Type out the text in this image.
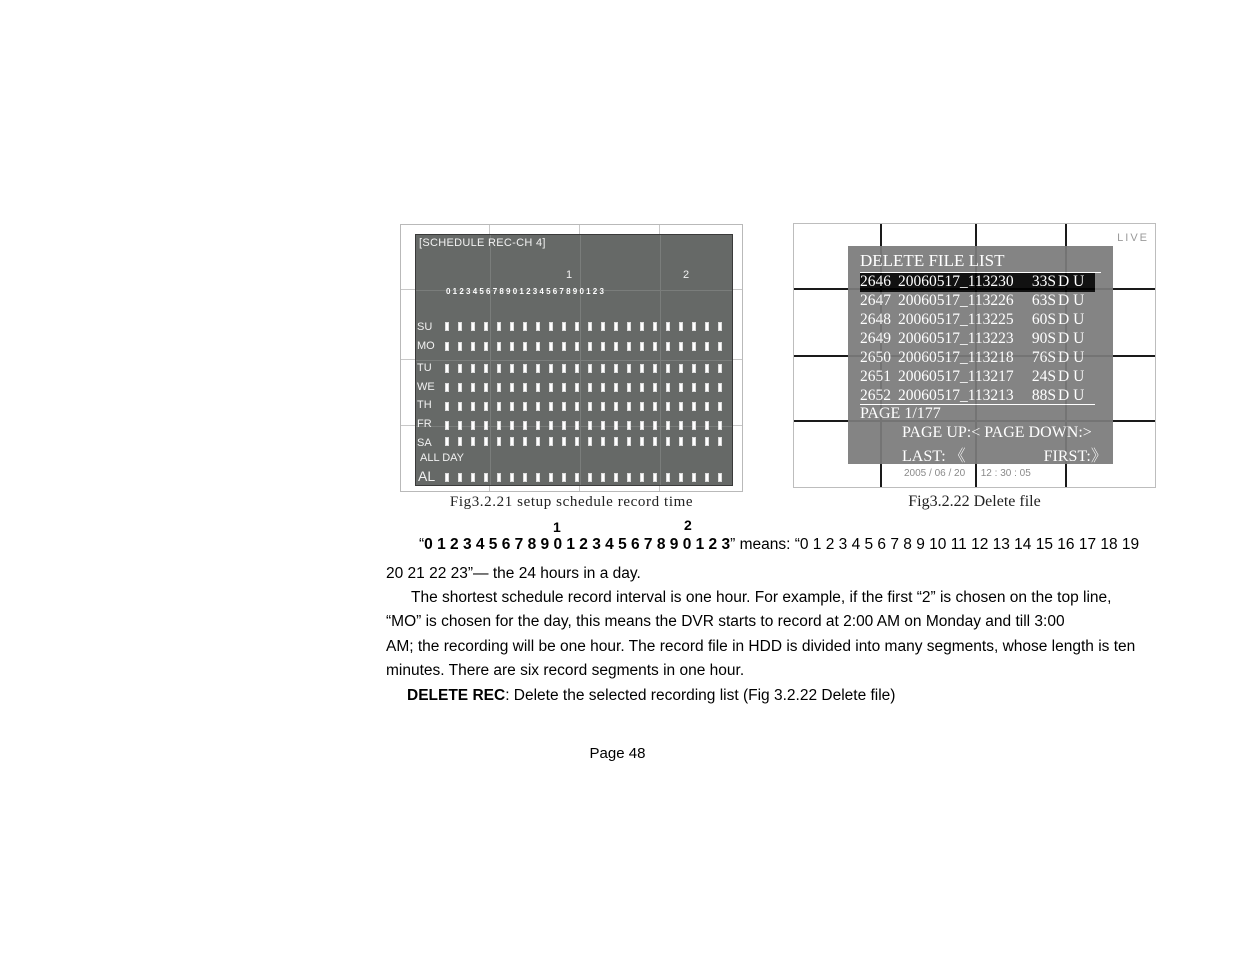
[SCHEDULE REC-CH 4]
1	2
0 1 2 3 4 5 6 7 8 9 0 1 2 3 4 5 6 7 8 9 0 1 2 3
SU
MO
TU
WE
TH
FR
SA
ALL DAY
AL
Fig3.2.21 setup schedule record time
LIVE
DELETE FILE LIST
2646 20060517_113230	33S D U
2647 20060517_113226	63S D U
2648 20060517_113225	60S D U
2649 20060517_113223	90S D U
2650 20060517_113218	76S D U
2651 20060517_113217	24S D U
2652 20060517_113213	88S D U
PAGE 1/177
PAGE UP:< PAGE DOWN:>
LAST: 《	FIRST:》
2005 / 06 / 20 12 : 30 : 05
Fig3.2.22 Delete file
1	2
“0 1 2 3 4 5 6 7 8 9 0 1 2 3 4 5 6 7 8 9 0 1 2 3” means: “0 1 2 3 4 5 6 7 8 9 10 11 12 13 14 15 16 17 18 19
20 21 22 23”— the 24 hours in a day.
The shortest schedule record interval is one hour. For example, if the first “2” is chosen on the top line,
“MO” is chosen for the day, this means the DVR starts to record at 2:00 AM on Monday and till 3:00
AM; the recording will be one hour. The record file in HDD is divided into many segments, whose length is ten
minutes. There are six record segments in one hour.
DELETE REC: Delete the selected recording list (Fig 3.2.22 Delete file)
Page 48
